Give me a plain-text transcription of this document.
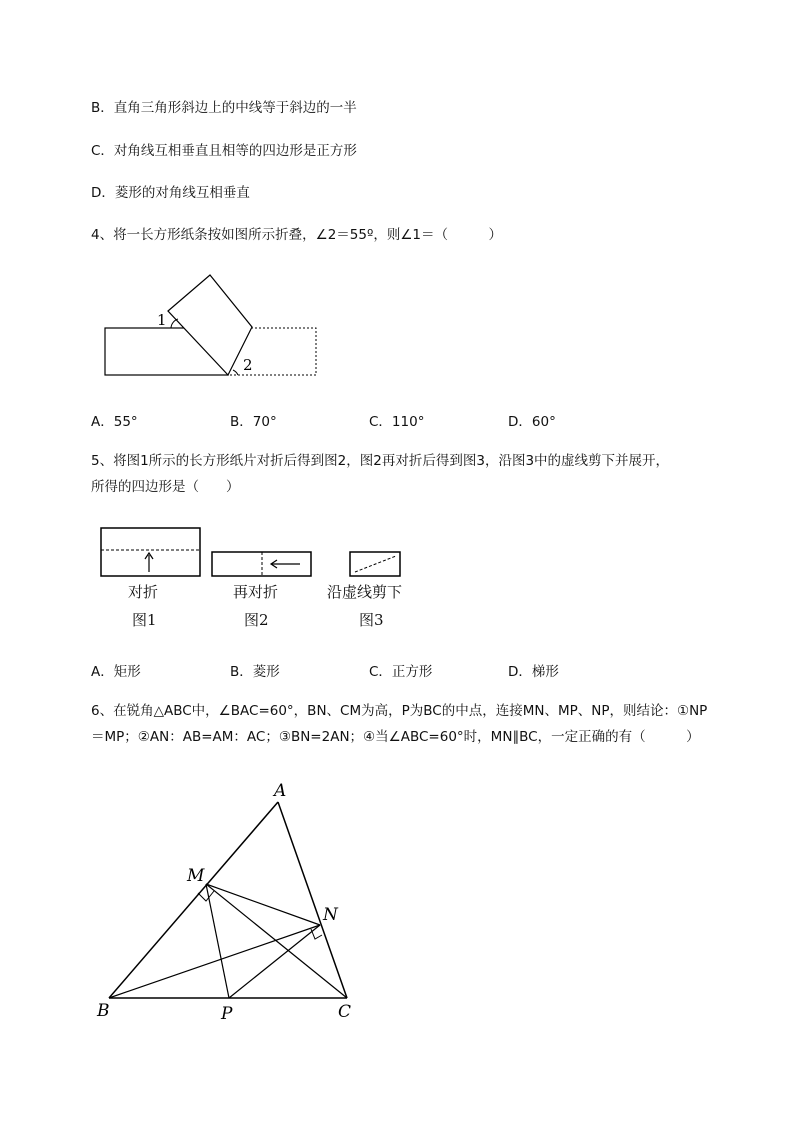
B．直角三角形斜边上的中线等于斜边的一半
C．对角线互相垂直且相等的四边形是正方形
D．菱形的对角线互相垂直
4、将一长方形纸条按如图所示折叠，∠2＝55º，则∠1＝（　　　）
1
2
A．55°	B．70°	C．110°	D．60°
5、将图1所示的长方形纸片对折后得到图2，图2再对折后得到图3，沿图3中的虚线剪下并展开，
所得的四边形是（　　）
对折
图1
再对折
图2
沿虚线剪下
图3
A．矩形	B．菱形	C．正方形	D．梯形
6、在锐角△ABC中，∠BAC=60°，BN、CM为高，P为BC的中点，连接MN、MP、NP，则结论：①NP
＝MP；②AN：AB=AM：AC；③BN=2AN；④当∠ABC=60°时，MN∥BC，一定正确的有（　　　）
A
B	C
M
N
P
